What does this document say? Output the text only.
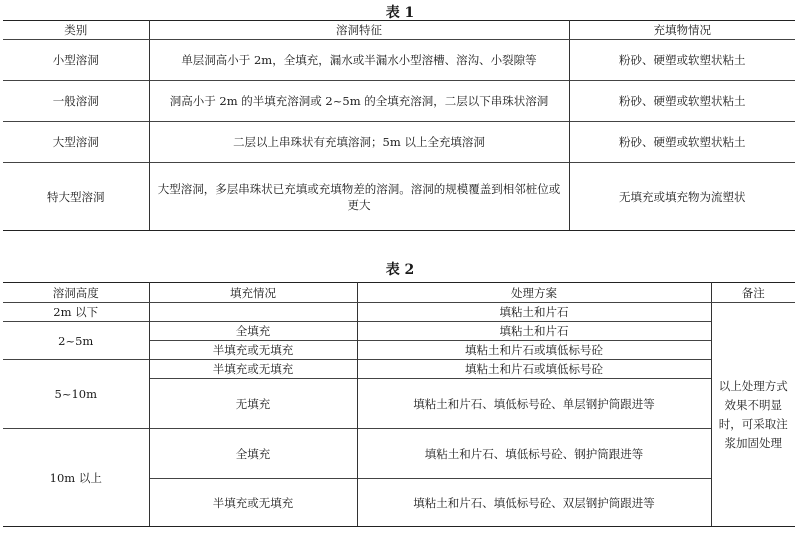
表 1
类别	溶洞特征	充填物情况
小型溶洞	单层洞高小于 2m，全填充，漏水或半漏水小型溶槽、溶沟、小裂隙等	粉砂、硬塑或软塑状粘土
一般溶洞	洞高小于 2m 的半填充溶洞或 2~5m 的全填充溶洞，二层以下串珠状溶洞	粉砂、硬塑或软塑状粘土
大型溶洞	二层以上串珠状有充填溶洞；5m 以上全充填溶洞	粉砂、硬塑或软塑状粘土
特大型溶洞	大型溶洞，多层串珠状已充填或充填物差的溶洞。溶洞的规模覆盖到相邻桩位或更大	无填充或填充物为流塑状
表 2
溶洞高度	填充情况	处理方案	备注
2m 以下		填粘土和片石	以上处理方式效果不明显时，可采取注浆加固处理
2~5m	全填充	填粘土和片石	
	半填充或无填充	填粘土和片石或填低标号砼	
5~10m	半填充或无填充	填粘土和片石或填低标号砼	
	无填充	填粘土和片石、填低标号砼、单层钢护筒跟进等	
10m 以上	全填充	填粘土和片石、填低标号砼、钢护筒跟进等	
	半填充或无填充	填粘土和片石、填低标号砼、双层钢护筒跟进等	
